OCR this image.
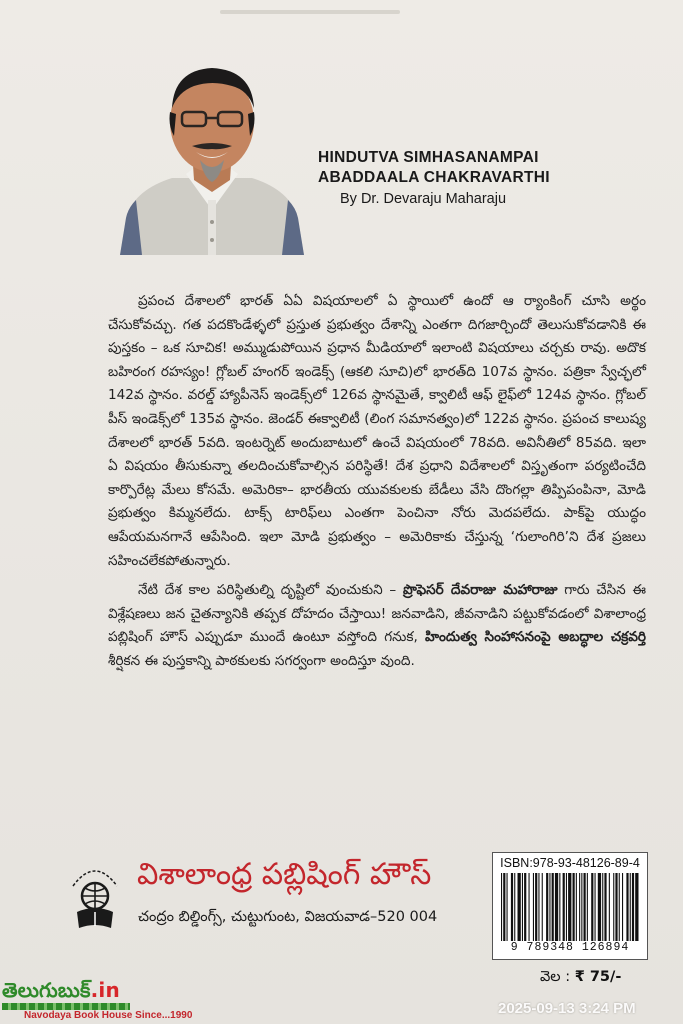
HINDUTVA SIMHASANAMPAI
ABADDAALA CHAKRAVARTHI
By Dr. Devaraju Maharaju

ప్రపంచ దేశాలలో భారత్ ఏఏ విషయాలలో ఏ స్థాయిలో ఉందో ఆ ర్యాంకింగ్ చూసి అర్థం చేసుకోవచ్చు. గత పదకొండేళ్ళలో ప్రస్తుత ప్రభుత్వం దేశాన్ని ఎంతగా దిగజార్చిందో తెలుసుకోవడానికి ఈ పుస్తకం – ఒక సూచిక! అమ్ముడుపోయిన ప్రధాన మీడియాలో ఇలాంటి విషయాలు చర్చకు రావు. అదొక బహిరంగ రహస్యం! గ్లోబల్ హంగర్ ఇండెక్స్ (ఆకలి సూచి)లో భారత్‌ది 107వ స్థానం. పత్రికా స్వేచ్ఛలో 142వ స్థానం. వరల్డ్ హ్యాపీనెస్ ఇండెక్స్‌లో 126వ స్థానమైతే, క్వాలిటీ ఆఫ్ లైఫ్‌లో 124వ స్థానం. గ్లోబల్ పీస్ ఇండెక్స్‌లో 135వ స్థానం. జెండర్ ఈక్వాలిటీ (లింగ సమానత్వం)లో 122వ స్థానం. ప్రపంచ కాలుష్య దేశాలలో భారత్ 5వది. ఇంటర్నెట్ అందుబాటులో ఉంచే విషయంలో 78వది. అవినీతిలో 85వది. ఇలా ఏ విషయం తీసుకున్నా తలదించుకోవాల్సిన పరిస్థితే! దేశ ప్రధాని విదేశాలలో విస్తృతంగా పర్యటించేది కార్పొరేట్ల మేలు కోసమే. అమెరికా– భారతీయ యువకులకు బేడీలు వేసి దొంగల్లా తిప్పిపంపినా, మోడి ప్రభుత్వం కిమ్మనలేదు. టాక్స్ టారిఫ్‌లు ఎంతగా పెంచినా నోరు మెదపలేదు. పాక్‌పై యుద్ధం ఆపేయమనగానే ఆపేసింది. ఇలా మోడి ప్రభుత్వం – అమెరికాకు చేస్తున్న ‘గులాంగిరి’ని దేశ ప్రజలు సహించలేకపోతున్నారు.

నేటి దేశ కాల పరిస్థితుల్ని దృష్టిలో వుంచుకుని – ప్రొఫెసర్ దేవరాజు మహారాజు గారు చేసిన ఈ విశ్లేషణలు జన చైతన్యానికి తప్పక దోహదం చేస్తాయి! జనవాడిని, జీవనాడిని పట్టుకోవడంలో విశాలాంధ్ర పబ్లిషింగ్ హౌస్ ఎప్పుడూ ముందే ఉంటూ వస్తోంది గనుక, హిందుత్వ సింహాసనంపై అబద్ధాల చక్రవర్తి శీర్షికన ఈ పుస్తకాన్ని పాఠకులకు సగర్వంగా అందిస్తూ వుంది.

విశాలాంధ్ర పబ్లిషింగ్ హౌస్
చంద్రం బిల్డింగ్స్, చుట్టుగుంట, విజయవాడ–520 004
ISBN:978-93-48126-89-4
9 789348 126894
వెల : ₹ 75/-
తెలుగుబుక్.in
Navodaya Book House Since...1990	2025-09-13 3:24 PM
